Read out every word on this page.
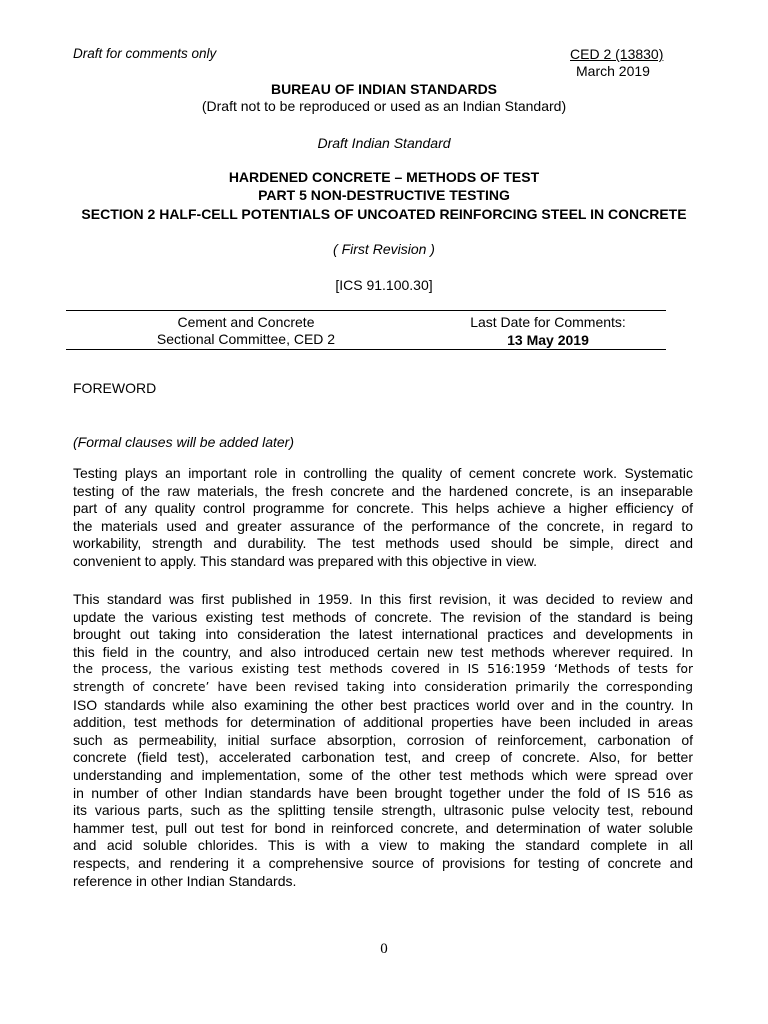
Draft for comments only	CED 2 (13830)
March 2019
BUREAU OF INDIAN STANDARDS
(Draft not to be reproduced or used as an Indian Standard)
Draft Indian Standard
HARDENED CONCRETE – METHODS OF TEST
PART 5 NON-DESTRUCTIVE TESTING
SECTION 2 HALF-CELL POTENTIALS OF UNCOATED REINFORCING STEEL IN CONCRETE
( First Revision )
[ICS 91.100.30]
Cement and Concrete
Sectional Committee, CED 2
Last Date for Comments:
13 May 2019
FOREWORD
(Formal clauses will be added later)
Testing plays an important role in controlling the quality of cement concrete work. Systematic
testing of the raw materials, the fresh concrete and the hardened concrete, is an inseparable
part of any quality control programme for concrete. This helps achieve a higher efficiency of
the materials used and greater assurance of the performance of the concrete, in regard to
workability, strength and durability. The test methods used should be simple, direct and
convenient to apply. This standard was prepared with this objective in view.
This standard was first published in 1959. In this first revision, it was decided to review and
update the various existing test methods of concrete. The revision of the standard is being
brought out taking into consideration the latest international practices and developments in
this field in the country, and also introduced certain new test methods wherever required. In
the process, the various existing test methods covered in IS 516:1959 ‘Methods of tests for
strength of concrete’ have been revised taking into consideration primarily the corresponding
ISO standards while also examining the other best practices world over and in the country. In
addition, test methods for determination of additional properties have been included in areas
such as permeability, initial surface absorption, corrosion of reinforcement, carbonation of
concrete (field test), accelerated carbonation test, and creep of concrete. Also, for better
understanding and implementation, some of the other test methods which were spread over
in number of other Indian standards have been brought together under the fold of IS 516 as
its various parts, such as the splitting tensile strength, ultrasonic pulse velocity test, rebound
hammer test, pull out test for bond in reinforced concrete, and determination of water soluble
and acid soluble chlorides. This is with a view to making the standard complete in all
respects, and rendering it a comprehensive source of provisions for testing of concrete and
reference in other Indian Standards.
0
